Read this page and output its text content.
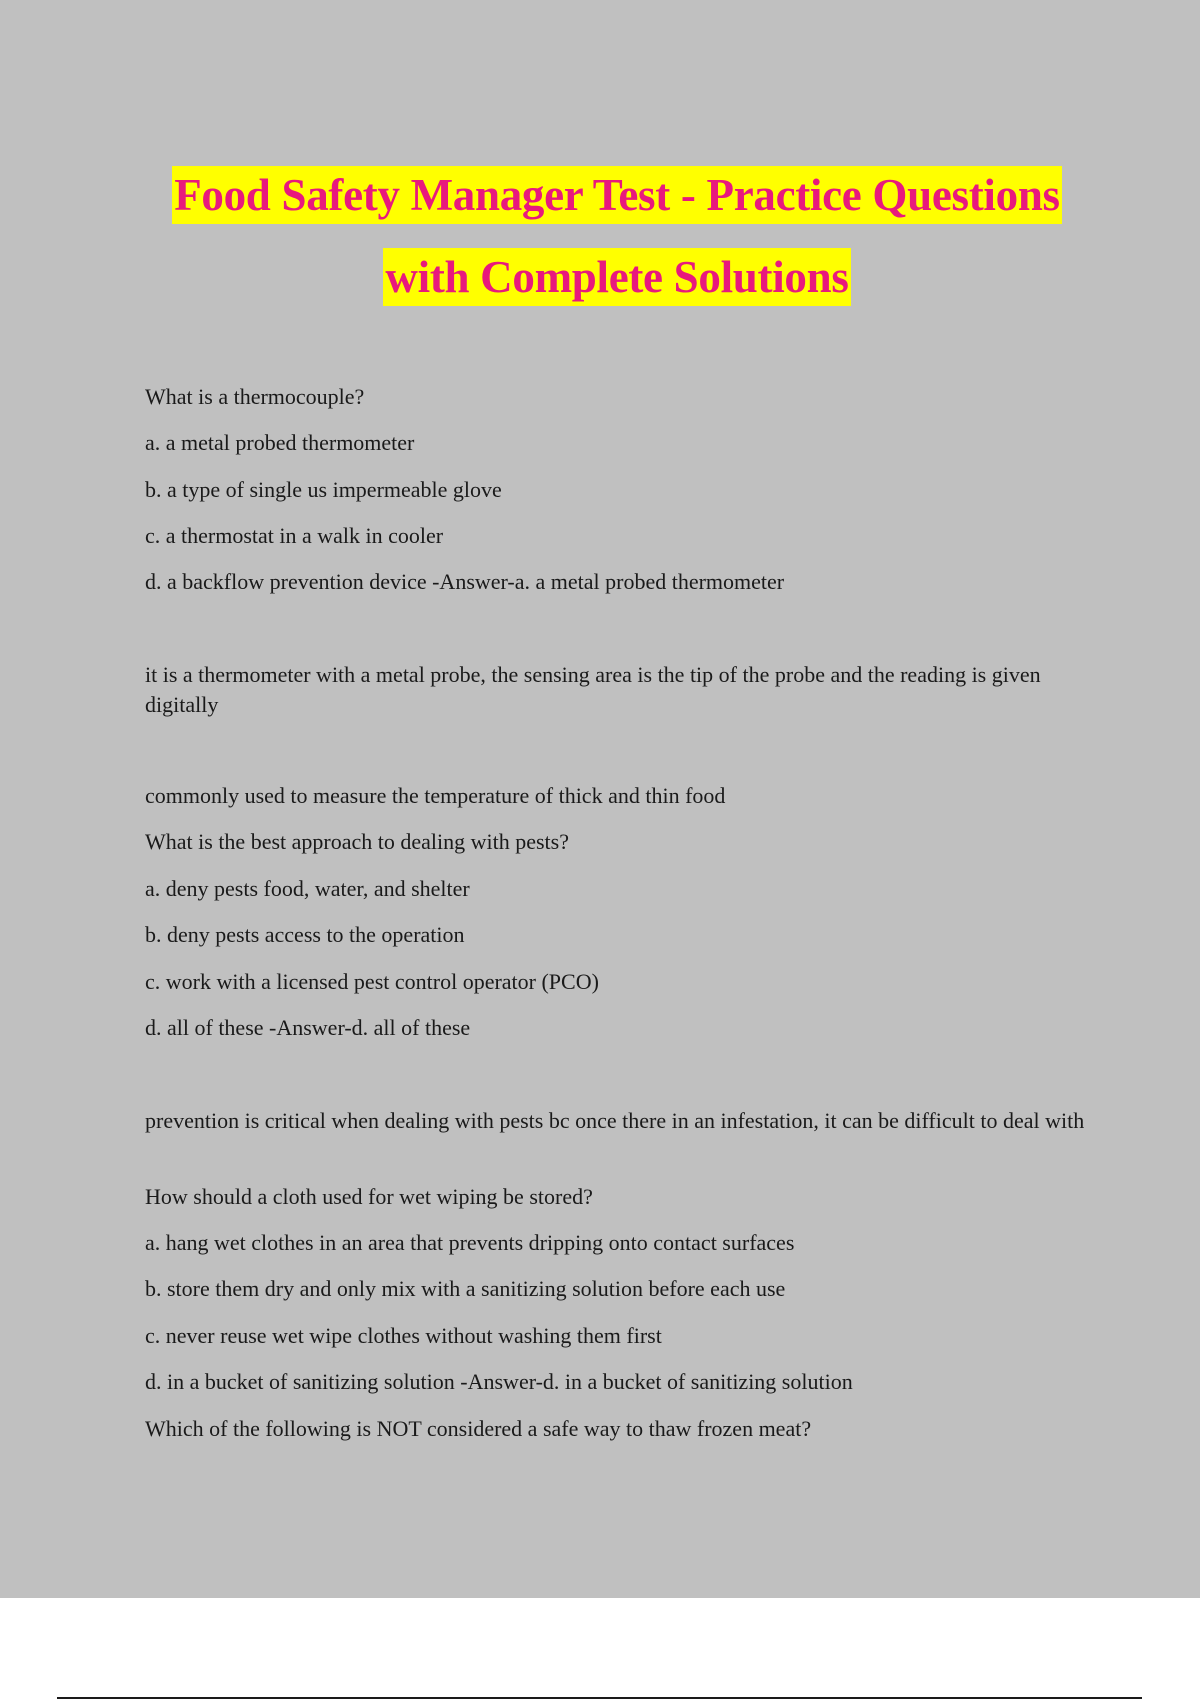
Food Safety Manager Test - Practice Questions
with Complete Solutions
What is a thermocouple?
a. a metal probed thermometer
b. a type of single us impermeable glove
c. a thermostat in a walk in cooler
d. a backflow prevention device -Answer-a. a metal probed thermometer
it is a thermometer with a metal probe, the sensing area is the tip of the probe and the reading is given digitally
commonly used to measure the temperature of thick and thin food
What is the best approach to dealing with pests?
a. deny pests food, water, and shelter
b. deny pests access to the operation
c. work with a licensed pest control operator (PCO)
d. all of these -Answer-d. all of these
prevention is critical when dealing with pests bc once there in an infestation, it can be difficult to deal with
How should a cloth used for wet wiping be stored?
a. hang wet clothes in an area that prevents dripping onto contact surfaces
b. store them dry and only mix with a sanitizing solution before each use
c. never reuse wet wipe clothes without washing them first
d. in a bucket of sanitizing solution -Answer-d. in a bucket of sanitizing solution
Which of the following is NOT considered a safe way to thaw frozen meat?
